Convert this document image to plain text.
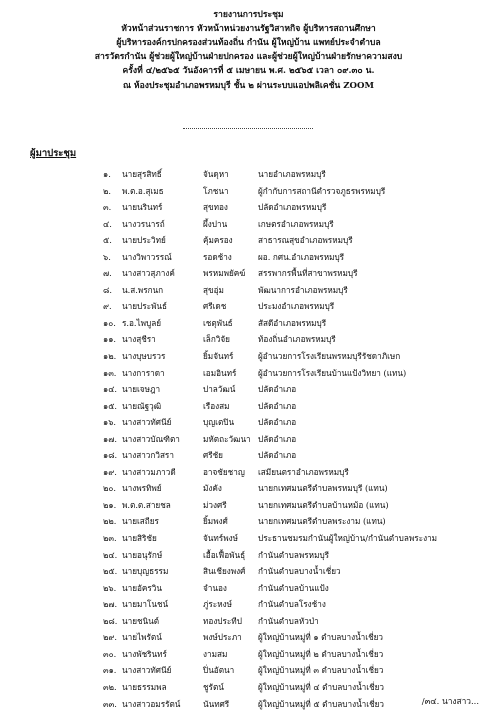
รายงานการประชุม
หัวหน้าส่วนราชการ หัวหน้าหน่วยงานรัฐวิสาหกิจ ผู้บริหารสถานศึกษา
ผู้บริหารองค์กรปกครองส่วนท้องถิ่น กำนัน ผู้ใหญ่บ้าน แพทย์ประจำตำบล
สารวัตรกำนัน ผู้ช่วยผู้ใหญ่บ้านฝ่ายปกครอง และผู้ช่วยผู้ใหญ่บ้านฝ่ายรักษาความสงบ
ครั้งที่ ๔/๒๕๖๕ วันอังคารที่ ๕ เมษายน พ.ศ. ๒๕๖๕ เวลา ๐๙.๓๐ น.
ณ ห้องประชุมอำเภอพรหมบุรี ชั้น ๒ ผ่านระบบแอปพลิเคชั่น ZOOM
ผู้มาประชุม
๑. นายสุรสิทธิ์	จันดุหา	นายอำเภอพรหมบุรี
๒. พ.ต.อ.สุเมธ	โภชนา	ผู้กำกับการสถานีตำรวจภูธรพรหมบุรี
๓. นายนรินทร์	สุขทอง	ปลัดอำเภอพรหมบุรี
๔. นางวรนารถ์	ผึ้งปาน	เกษตรอำเภอพรหมบุรี
๕. นายประวิทย์	คุ้มครอง	สาธารณสุขอำเภอพรหมบุรี
๖. นางวิพาวรรณ์	รอดช้าง	ผอ. กศน.อำเภอพรหมบุรี
๗. นางสาวสุภางค์	พรหมพยัคฆ์ สรรพากรพื้นที่สาขาพรหมบุรี
๘. น.ส.พรกนก	สุขอุ่ม	พัฒนาการอำเภอพรหมบุรี
๙. นายประพันธ์	ศรีเดช	ประมงอำเภอพรหมบุรี
๑๐. ร.อ.ไพบูลย์	เชตุพันธ์	สัสดีอำเภอพรหมบุรี
๑๑. นางสุชีรา	เล็กวิจัย	ท้องถิ่นอำเภอพรหมบุรี
๑๒. นางบุษบรวร	ยิ้มจันทร์	ผู้อำนวยการโรงเรียนพรหมบุรีรัชดาภิเษก
๑๓. นางการาดา	เอมอินทร์	ผู้อำนวยการโรงเรียนบ้านแป้งวิทยา (แทน)
๑๔. นายเจษฎา	ปาลวัฒน์	ปลัดอำเภอ
๑๕. นายณัฐวุฒิ	เรืองสม	ปลัดอำเภอ
๑๖. นางสาวทัศนีย์	บุญเตปิน	ปลัดอำเภอ
๑๗. นางสาวบัณฑิตา	มหัตถะวัฒนา ปลัดอำเภอ
๑๘. นางสาวกวิสรา	ศรีชัย	ปลัดอำเภอ
๑๙. นางสาวมภาวดี	อาจชัยชาญ เสมียนตราอำเภอพรหมบุรี
๒๐. นางพรทิพย์	มังคัง	นายกเทศมนตรีตำบลพรหมบุรี (แทน)
๒๑. พ.ต.ต.สายชล	ม่วงศรี	นายกเทศมนตรีตำบลบ้านหม้อ (แทน)
๒๒. นายเสถียร	ยิ้มพงศ์	นายกเทศมนตรีตำบลพระงาม (แทน)
๒๓. นายสิริชัย	จันทร์พงษ์ ประธานชมรมกำนันผู้ใหญ่บ้าน/กำนันตำบลพระงาม
๒๔. นายอนุรักษ์	เอื้อเฟื้อพันธุ์ กำนันตำบลพรหมบุรี
๒๕. นายบุญธรรม	สินเชียงพงศ์ กำนันตำบลบางน้ำเชี่ยว
๒๖. นายอัครวิน	จำนอง	กำนันตำบลบ้านแป้ง
๒๗. นายมาโนชน์	ภู่ระหงษ์	กำนันตำบลโรงช้าง
๒๘. นายชนินต์	ทองประทีป กำนันตำบลหัวป่า
๒๙. นายไพรัตน์	พงษ์ประภา ผู้ใหญ่บ้านหมู่ที่ ๑ ตำบลบางน้ำเชี่ยว
๓๐. นางพัชรินทร์	งามสม	ผู้ใหญ่บ้านหมู่ที่ ๒ ตำบลบางน้ำเชี่ยว
๓๑. นางสาวทัศนีย์	ปิ่นอัตนา	ผู้ใหญ่บ้านหมู่ที่ ๓ ตำบลบางน้ำเชี่ยว
๓๒. นายธรรมพล	ชูรัตน์	ผู้ใหญ่บ้านหมู่ที่ ๔ ตำบลบางน้ำเชี่ยว
๓๓. นางสาวอมรรัตน์	นันทศรี	ผู้ใหญ่บ้านหมู่ที่ ๕ ตำบลบางน้ำเชี่ยว	/๓๔. นางสาว...
